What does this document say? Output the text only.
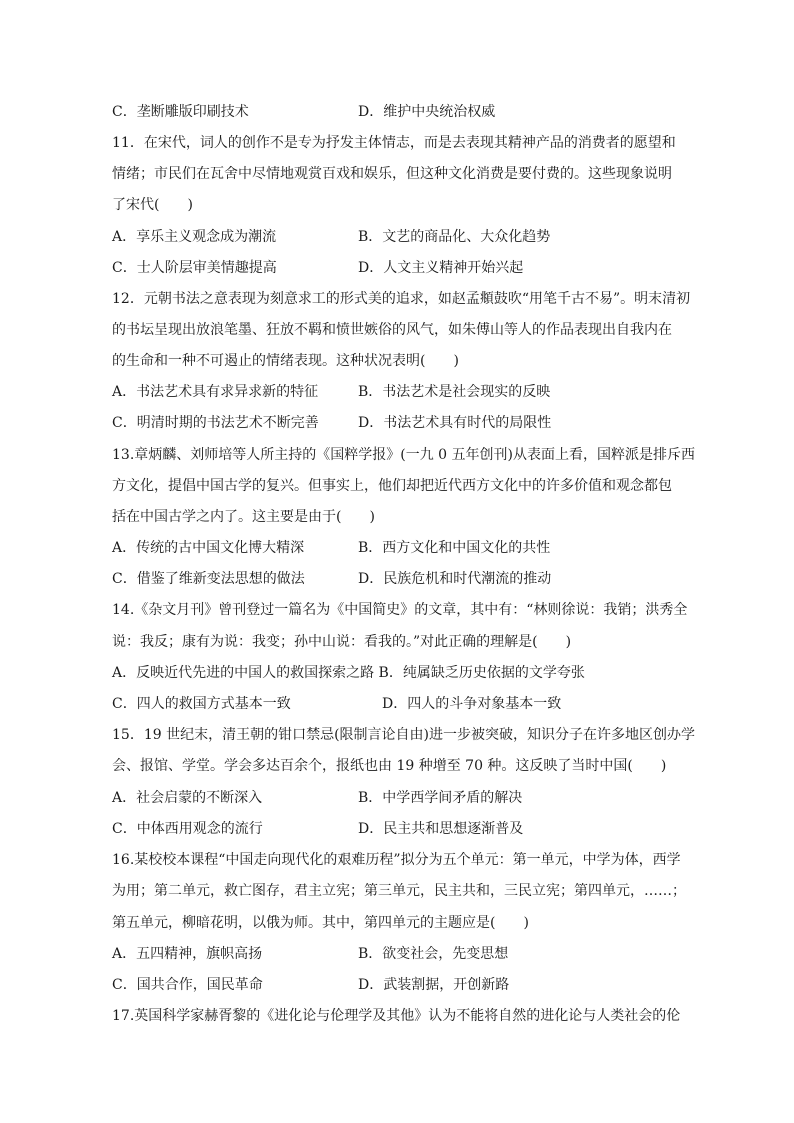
C．垄断雕版印刷技术	D．维护中央统治权威
11．在宋代，词人的创作不是专为抒发主体情志，而是去表现其精神产品的消费者的愿望和
情绪；市民们在瓦舍中尽情地观赏百戏和娱乐，但这种文化消费是要付费的。这些现象说明
了宋代(　　)
A．享乐主义观念成为潮流	B．文艺的商品化、大众化趋势
C．士人阶层审美情趣提高	D．人文主义精神开始兴起
12．元朝书法之意表现为刻意求工的形式美的追求，如赵孟頫鼓吹“用笔千古不易”。明末清初
的书坛呈现出放浪笔墨、狂放不羁和愤世嫉俗的风气，如朱傅山等人的作品表现出自我内在
的生命和一种不可遏止的情绪表现。这种状况表明(　　)
A．书法艺术具有求异求新的特征	B．书法艺术是社会现实的反映
C．明清时期的书法艺术不断完善	D．书法艺术具有时代的局限性
13.章炳麟、刘师培等人所主持的《国粹学报》(一九 0 五年创刊)从表面上看，国粹派是排斥西
方文化，提倡中国古学的复兴。但事实上，他们却把近代西方文化中的许多价值和观念都包
括在中国古学之内了。这主要是由于(　　)
A．传统的古中国文化博大精深	B．西方文化和中国文化的共性
C．借鉴了维新变法思想的做法	D．民族危机和时代潮流的推动
14.《杂文月刊》曾刊登过一篇名为《中国简史》的文章，其中有：“林则徐说：我销；洪秀全
说：我反；康有为说：我变；孙中山说：看我的。”对此正确的理解是(　　)
A．反映近代先进的中国人的救国探索之路 B．纯属缺乏历史依据的文学夸张
C．四人的救国方式基本一致	D．四人的斗争对象基本一致
15．19 世纪末，清王朝的钳口禁忌(限制言论自由)进一步被突破，知识分子在许多地区创办学
会、报馆、学堂。学会多达百余个，报纸也由 19 种增至 70 种。这反映了当时中国(　　)
A．社会启蒙的不断深入	B．中学西学间矛盾的解决
C．中体西用观念的流行	D．民主共和思想逐渐普及
16.某校校本课程“中国走向现代化的艰难历程”拟分为五个单元：第一单元，中学为体，西学
为用；第二单元，救亡图存，君主立宪；第三单元，民主共和，三民立宪；第四单元，……；
第五单元，柳暗花明，以俄为师。其中，第四单元的主题应是(　　)
A．五四精神，旗帜高扬	B．欲变社会，先变思想
C．国共合作，国民革命	D．武装割据，开创新路
17.英国科学家赫胥黎的《进化论与伦理学及其他》认为不能将自然的进化论与人类社会的伦
